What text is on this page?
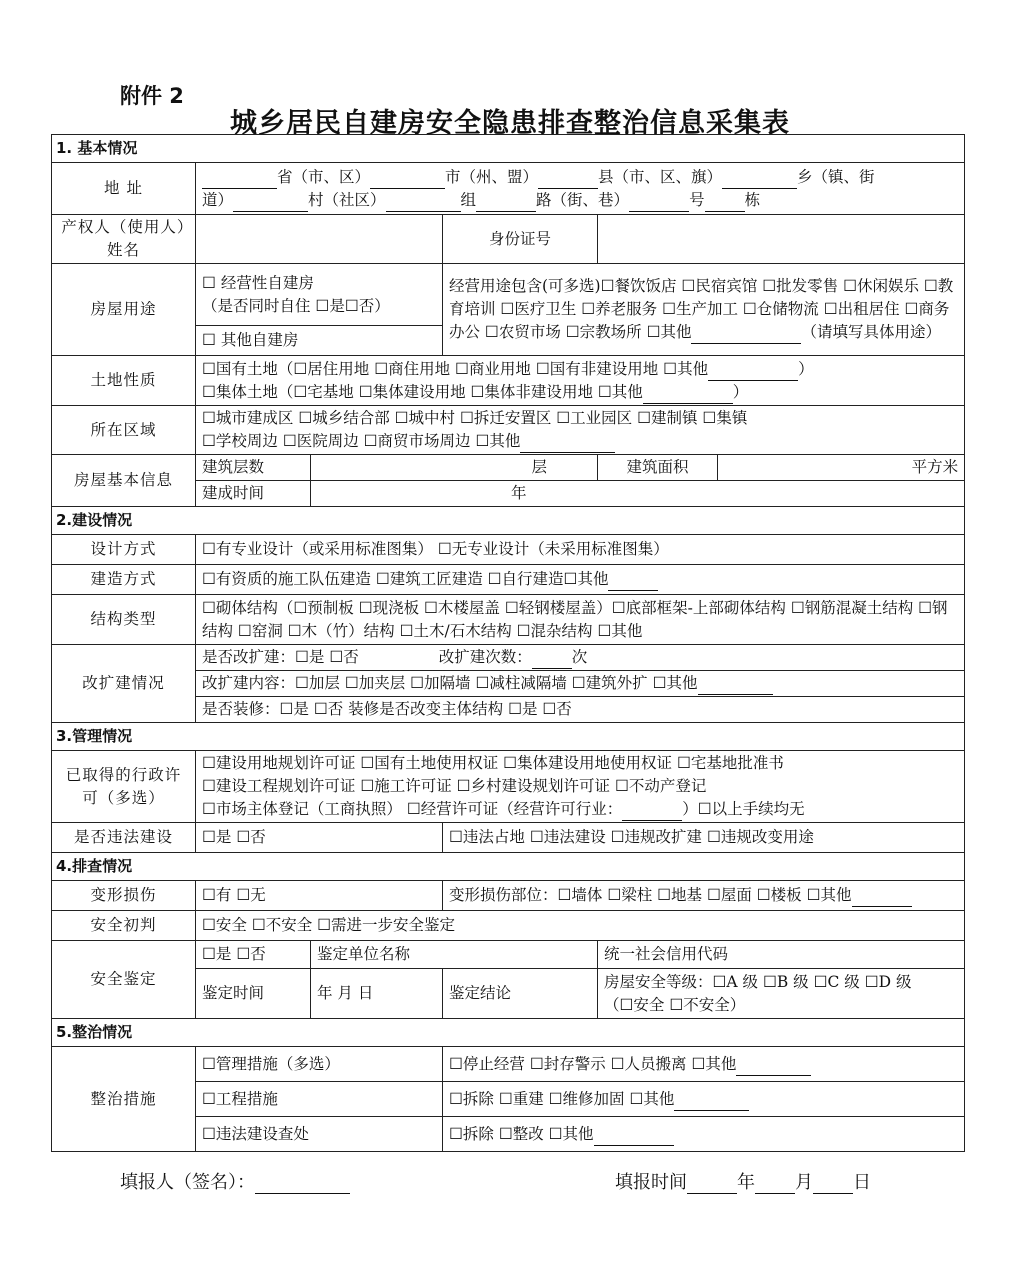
附件 2
城乡居民自建房安全隐患排查整治信息采集表
1. 基本情况					
地 址	省（市、区） 市（州、盟） 县（市、区、旗） 乡（镇、街
道） 村（社区） 组 路（街、巷） 号 栋				
产权人（使用人）姓名			身份证号		
房屋用途	☐ 经营性自建房
（是否同时自住 ☐是☐否）		经营用途包含(可多选)☐餐饮饭店 ☐民宿宾馆 ☐批发零售 ☐休闲娱乐 ☐教育培训 ☐医疗卫生 ☐养老服务 ☐生产加工 ☐仓储物流 ☐出租居住 ☐商务办公 ☐农贸市场 ☐宗教场所 ☐其他 （请填写具体用途）		
	☐ 其他自建房				
土地性质	☐国有土地（☐居住用地 ☐商住用地 ☐商业用地 ☐国有非建设用地 ☐其他 ）
☐集体土地（☐宅基地 ☐集体建设用地 ☐集体非建设用地 ☐其他 ）				
所在区域	☐城市建成区 ☐城乡结合部 ☐城中村 ☐拆迁安置区 ☐工业园区 ☐建制镇 ☐集镇
☐学校周边 ☐医院周边 ☐商贸市场周边 ☐其他				
房屋基本信息	建筑层数	层		建筑面积	平方米
	建成时间	年			
2.建设情况					
设计方式	☐有专业设计（或采用标准图集） ☐无专业设计（未采用标准图集）				
建造方式	☐有资质的施工队伍建造 ☐建筑工匠建造 ☐自行建造☐其他				
结构类型	☐砌体结构（☐预制板 ☐现浇板 ☐木楼屋盖 ☐轻钢楼屋盖）☐底部框架-上部砌体结构 ☐钢筋混凝土结构 ☐钢结构 ☐窑洞 ☐木（竹）结构 ☐土木/石木结构 ☐混杂结构 ☐其他				
改扩建情况	是否改扩建：☐是 ☐否 改扩建次数： 次				
	改扩建内容：☐加层 ☐加夹层 ☐加隔墙 ☐减柱减隔墙 ☐建筑外扩 ☐其他				
	是否装修：☐是 ☐否 装修是否改变主体结构 ☐是 ☐否				
3.管理情况					
已取得的行政许可（多选）	☐建设用地规划许可证 ☐国有土地使用权证 ☐集体建设用地使用权证 ☐宅基地批准书
☐建设工程规划许可证 ☐施工许可证 ☐乡村建设规划许可证 ☐不动产登记
☐市场主体登记（工商执照） ☐经营许可证（经营许可行业： ）☐以上手续均无				
是否违法建设	☐是 ☐否		☐违法占地 ☐违法建设 ☐违规改扩建 ☐违规改变用途		
4.排查情况					
变形损伤	☐有 ☐无		变形损伤部位：☐墙体 ☐梁柱 ☐地基 ☐屋面 ☐楼板 ☐其他		
安全初判	☐安全 ☐不安全 ☐需进一步安全鉴定				
安全鉴定	☐是 ☐否	鉴定单位名称		统一社会信用代码	
	鉴定时间	年 月 日	鉴定结论	房屋安全等级：☐A 级 ☐B 级 ☐C 级 ☐D 级
（☐安全 ☐不安全）	
5.整治情况					
整治措施	☐管理措施（多选）		☐停止经营 ☐封存警示 ☐人员搬离 ☐其他		
	☐工程措施		☐拆除 ☐重建 ☐维修加固 ☐其他		
	☐违法建设查处		☐拆除 ☐整改 ☐其他		
填报人（签名）：	填报时间	年 月 日
